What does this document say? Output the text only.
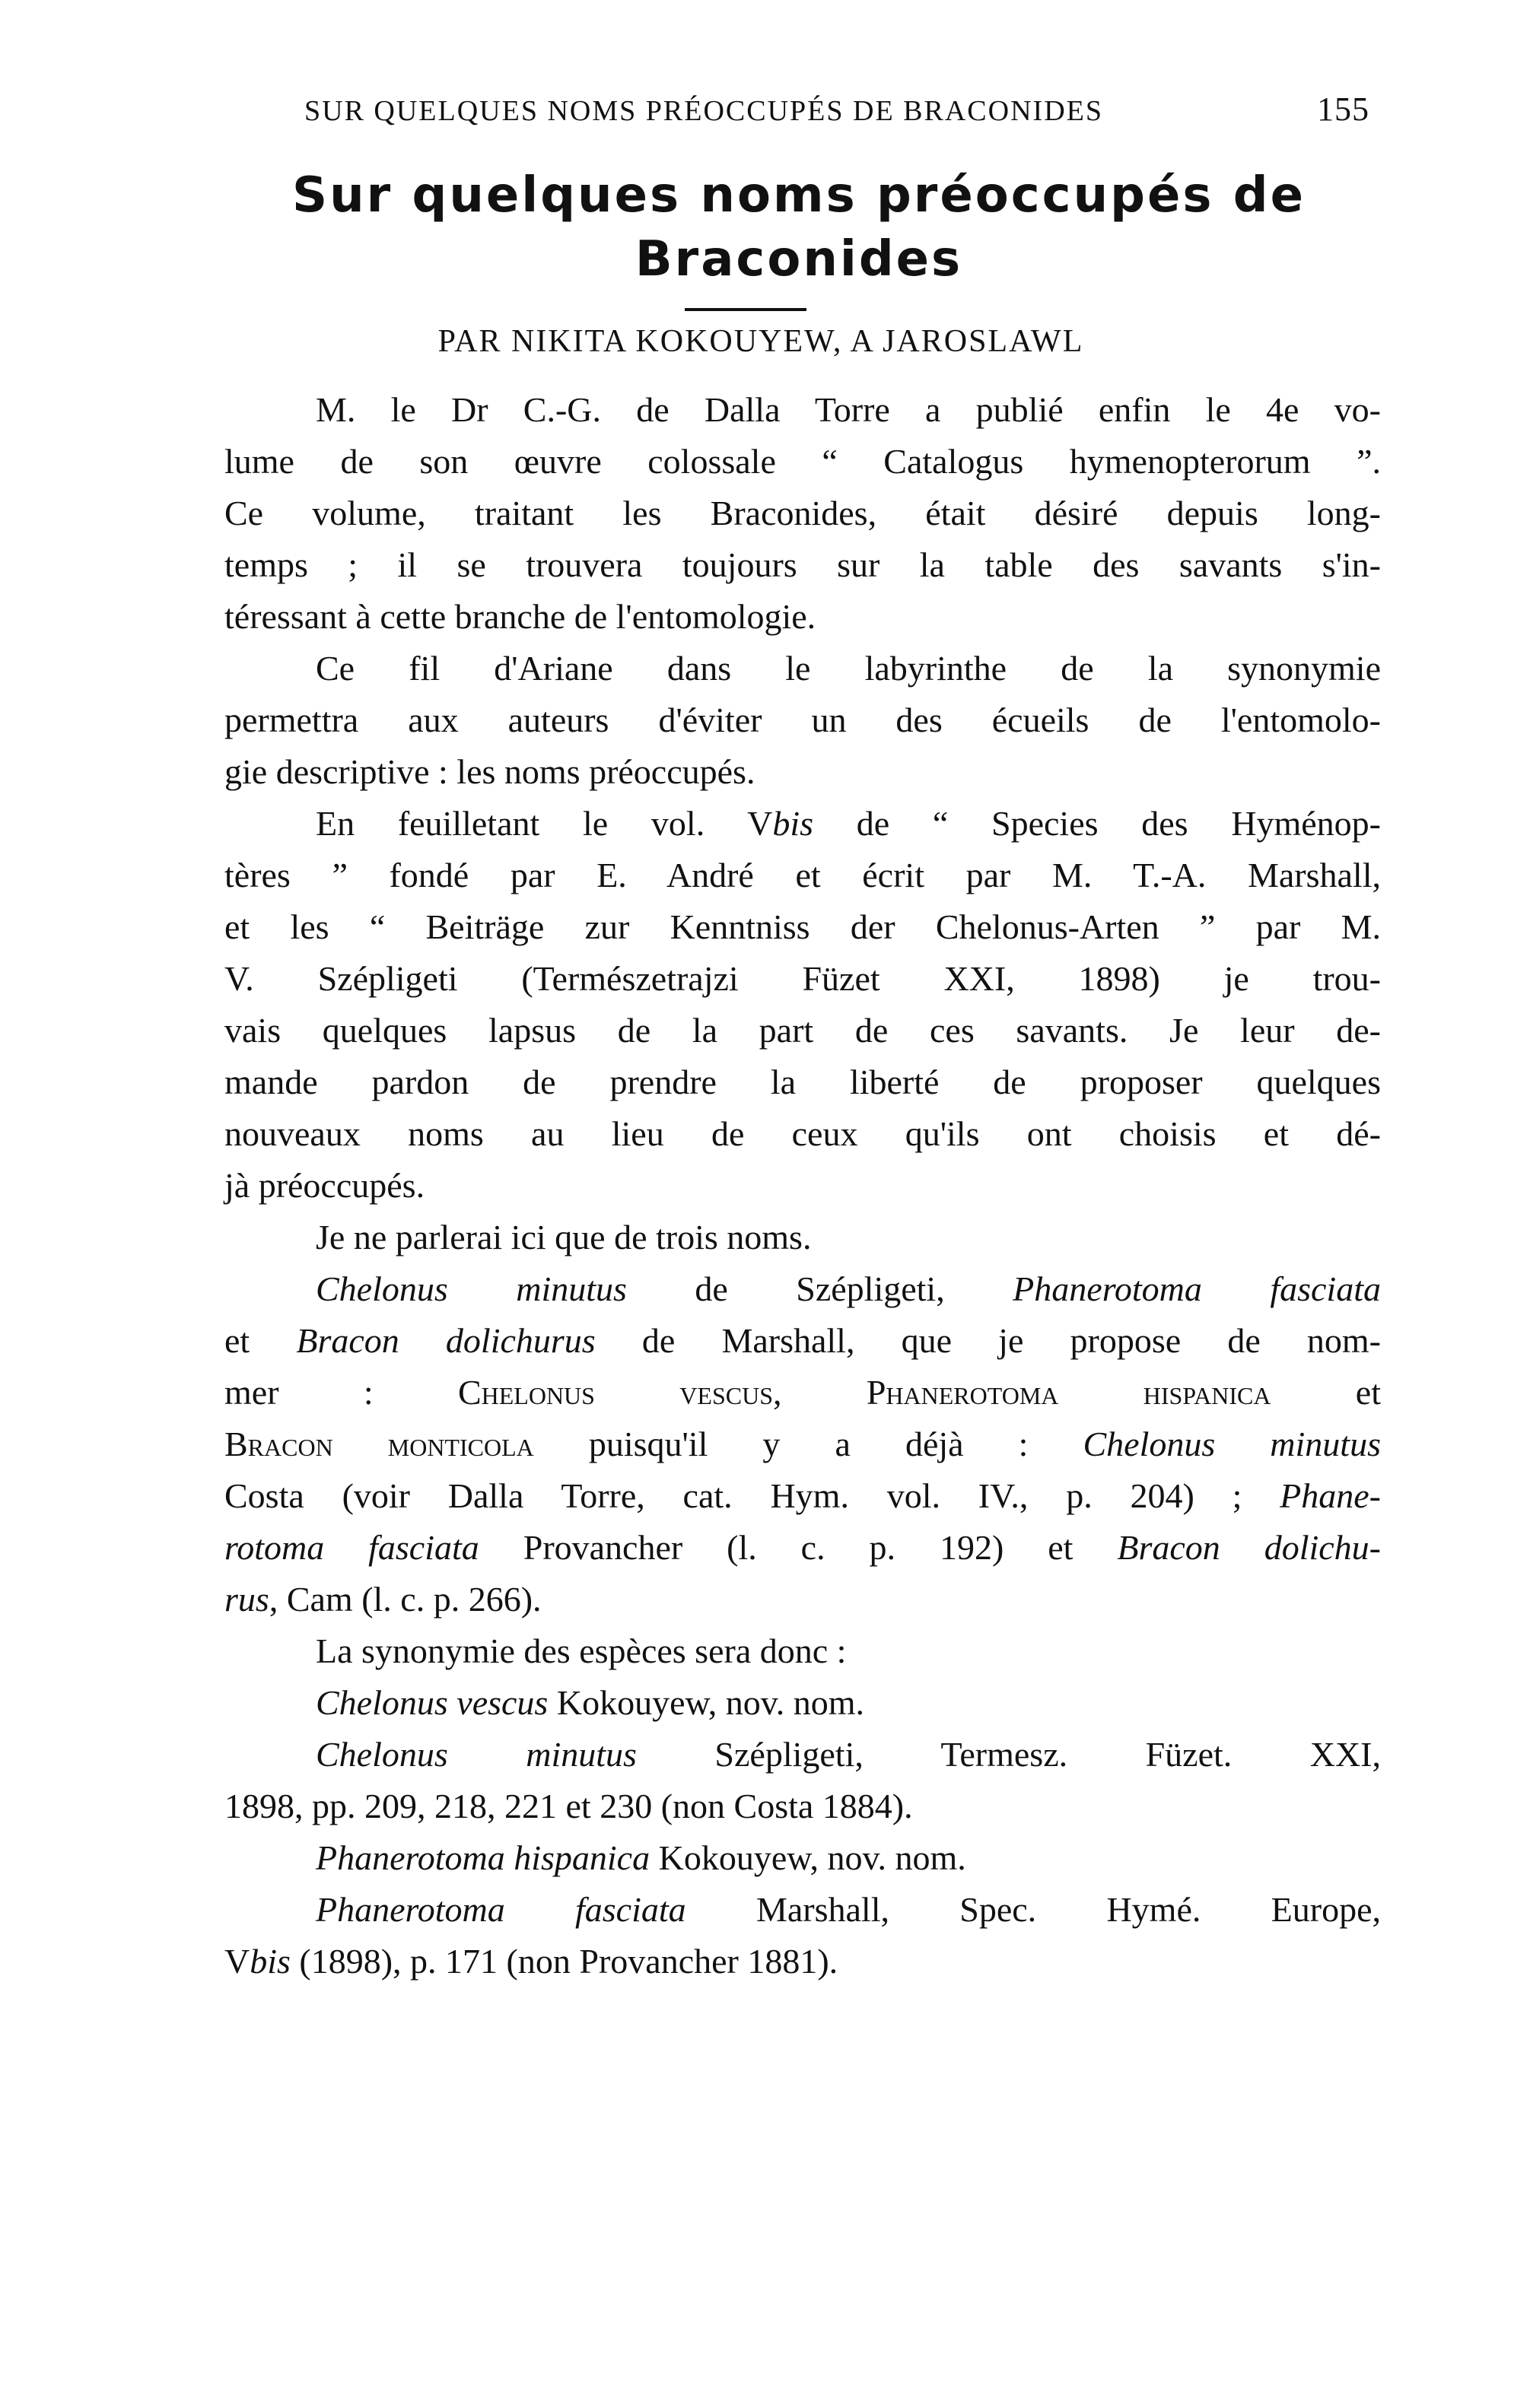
SUR QUELQUES NOMS PRÉOCCUPÉS DE BRACONIDES	155
Sur quelques noms préoccupés de
Braconides
PAR NIKITA KOKOUYEW, A JAROSLAWL
M. le Dr C.-G. de Dalla Torre a publié enfin le 4e vo-
lume de son œuvre colossale “ Catalogus hymenopterorum ”.
Ce volume, traitant les Braconides, était désiré depuis long-
temps ; il se trouvera toujours sur la table des savants s'in-
téressant à cette branche de l'entomologie.
Ce fil d'Ariane dans le labyrinthe de la synonymie
permettra aux auteurs d'éviter un des écueils de l'entomolo-
gie descriptive : les noms préoccupés.
En feuilletant le vol. Vbis de “ Species des Hyménop-
tères ” fondé par E. André et écrit par M. T.-A. Marshall,
et les “ Beiträge zur Kenntniss der Chelonus-Arten ” par M.
V. Szépligeti (Természetrajzi Füzet XXI, 1898) je trou-
vais quelques lapsus de la part de ces savants. Je leur de-
mande pardon de prendre la liberté de proposer quelques
nouveaux noms au lieu de ceux qu'ils ont choisis et dé-
jà préoccupés.
Je ne parlerai ici que de trois noms.
Chelonus minutus de Szépligeti, Phanerotoma fasciata
et Bracon dolichurus de Marshall, que je propose de nom-
mer : Chelonus vescus, Phanerotoma hispanica et
Bracon monticola puisqu'il y a déjà : Chelonus minutus
Costa (voir Dalla Torre, cat. Hym. vol. IV., p. 204) ; Phane-
rotoma fasciata Provancher (l. c. p. 192) et Bracon dolichu-
rus, Cam (l. c. p. 266).
La synonymie des espèces sera donc :
Chelonus vescus Kokouyew, nov. nom.
Chelonus minutus Szépligeti, Termesz. Füzet. XXI,
1898, pp. 209, 218, 221 et 230 (non Costa 1884).
Phanerotoma hispanica Kokouyew, nov. nom.
Phanerotoma fasciata Marshall, Spec. Hymé. Europe,
Vbis (1898), p. 171 (non Provancher 1881).
